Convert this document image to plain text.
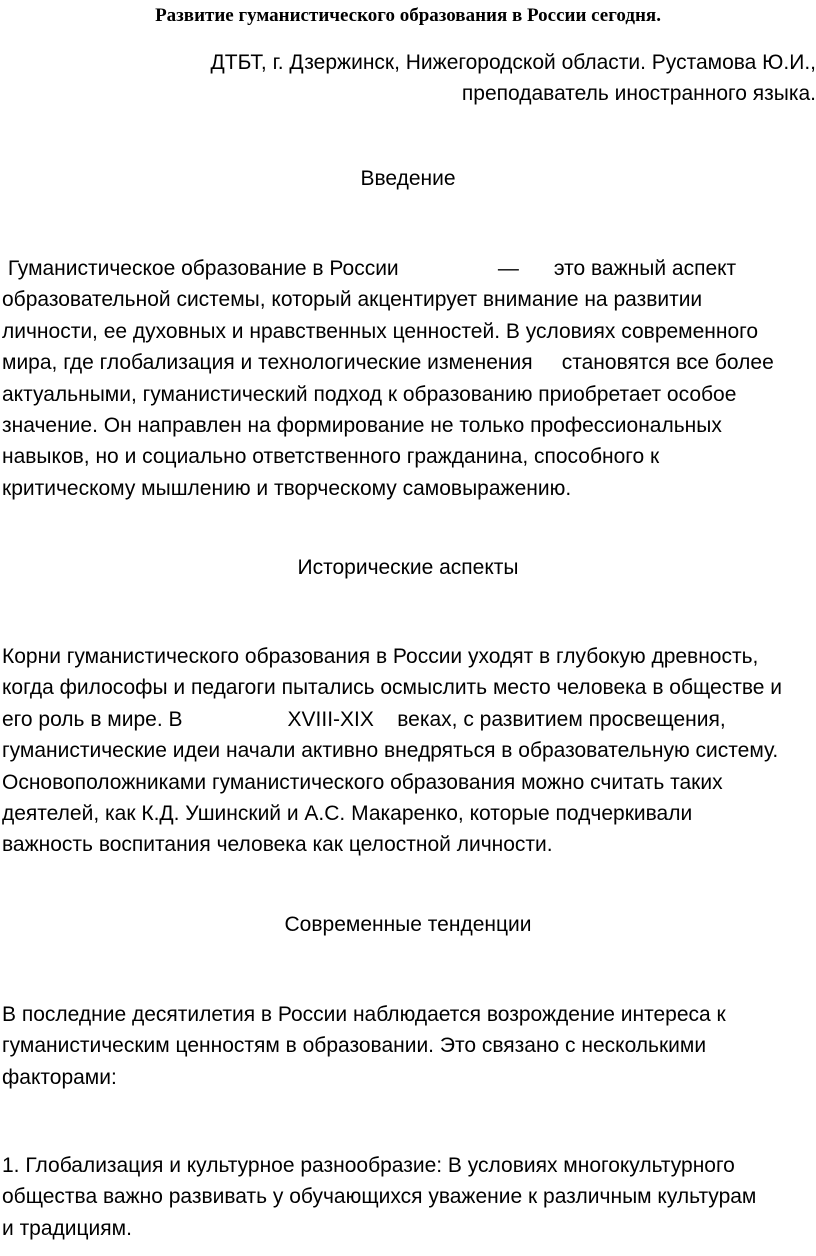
Развитие гуманистического образования в России сегодня.
ДТБТ, г. Дзержинск, Нижегородской области. Рустамова Ю.И.,
преподаватель иностранного языка.
Введение
Гуманистическое образование в России                 —      это важный аспект
образовательной системы, который акцентирует внимание на развитии
личности, ее духовных и нравственных ценностей. В условиях современного
мира, где глобализация и технологические изменения     становятся все более
актуальными, гуманистический подход к образованию приобретает особое
значение. Он направлен на формирование не только профессиональных
навыков, но и социально ответственного гражданина, способного к
критическому мышлению и творческому самовыражению.
Исторические аспекты
Корни гуманистического образования в России уходят в глубокую древность,
когда философы и педагоги пытались осмыслить место человека в обществе и
его роль в мире. В                  XVIII-XIX    веках, с развитием просвещения,
гуманистические идеи начали активно внедряться в образовательную систему.
Основоположниками гуманистического образования можно считать таких
деятелей, как К.Д. Ушинский и А.С. Макаренко, которые подчеркивали
важность воспитания человека как целостной личности.
Современные тенденции
В последние десятилетия в России наблюдается возрождение интереса к
гуманистическим ценностям в образовании. Это связано с несколькими
факторами:
1. Глобализация и культурное разнообразие: В условиях многокультурного
общества важно развивать у обучающихся уважение к различным культурам
и традициям.
